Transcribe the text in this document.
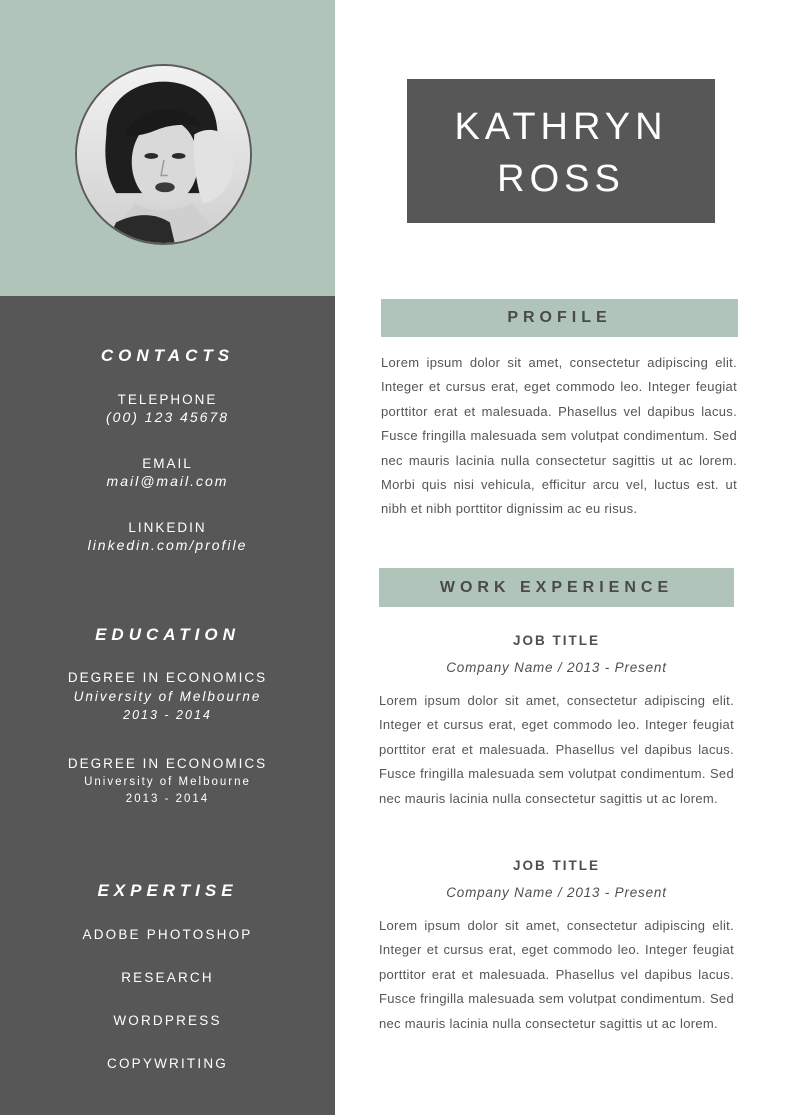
CONTACTS
TELEPHONE
(00) 123 45678
EMAIL
mail@mail.com
LINKEDIN
linkedin.com/profile
EDUCATION
DEGREE IN ECONOMICS
University of Melbourne
2013 - 2014
DEGREE IN ECONOMICS
University of Melbourne
2013 - 2014
EXPERTISE
ADOBE PHOTOSHOP
RESEARCH
WORDPRESS
COPYWRITING
KATHRYN
ROSS
PROFILE
Lorem ipsum dolor sit amet, consectetur adipiscing elit. Integer et cursus erat, eget commodo leo. Integer feugiat porttitor erat et malesuada. Phasellus vel dapibus lacus. Fusce fringilla malesuada sem volutpat condimentum. Sed nec mauris lacinia nulla consectetur sagittis ut ac lorem. Morbi quis nisi vehicula, efficitur arcu vel, luctus est. ut nibh et nibh porttitor dignissim ac eu risus.
WORK EXPERIENCE
JOB TITLE
Company Name / 2013 - Present
Lorem ipsum dolor sit amet, consectetur adipiscing elit. Integer et cursus erat, eget commodo leo. Integer feugiat porttitor erat et malesuada. Phasellus vel dapibus lacus. Fusce fringilla malesuada sem volutpat condimentum. Sed nec mauris lacinia nulla consectetur sagittis ut ac lorem.
JOB TITLE
Company Name / 2013 - Present
Lorem ipsum dolor sit amet, consectetur adipiscing elit. Integer et cursus erat, eget commodo leo. Integer feugiat porttitor erat et malesuada. Phasellus vel dapibus lacus. Fusce fringilla malesuada sem volutpat condimentum. Sed nec mauris lacinia nulla consectetur sagittis ut ac lorem.
